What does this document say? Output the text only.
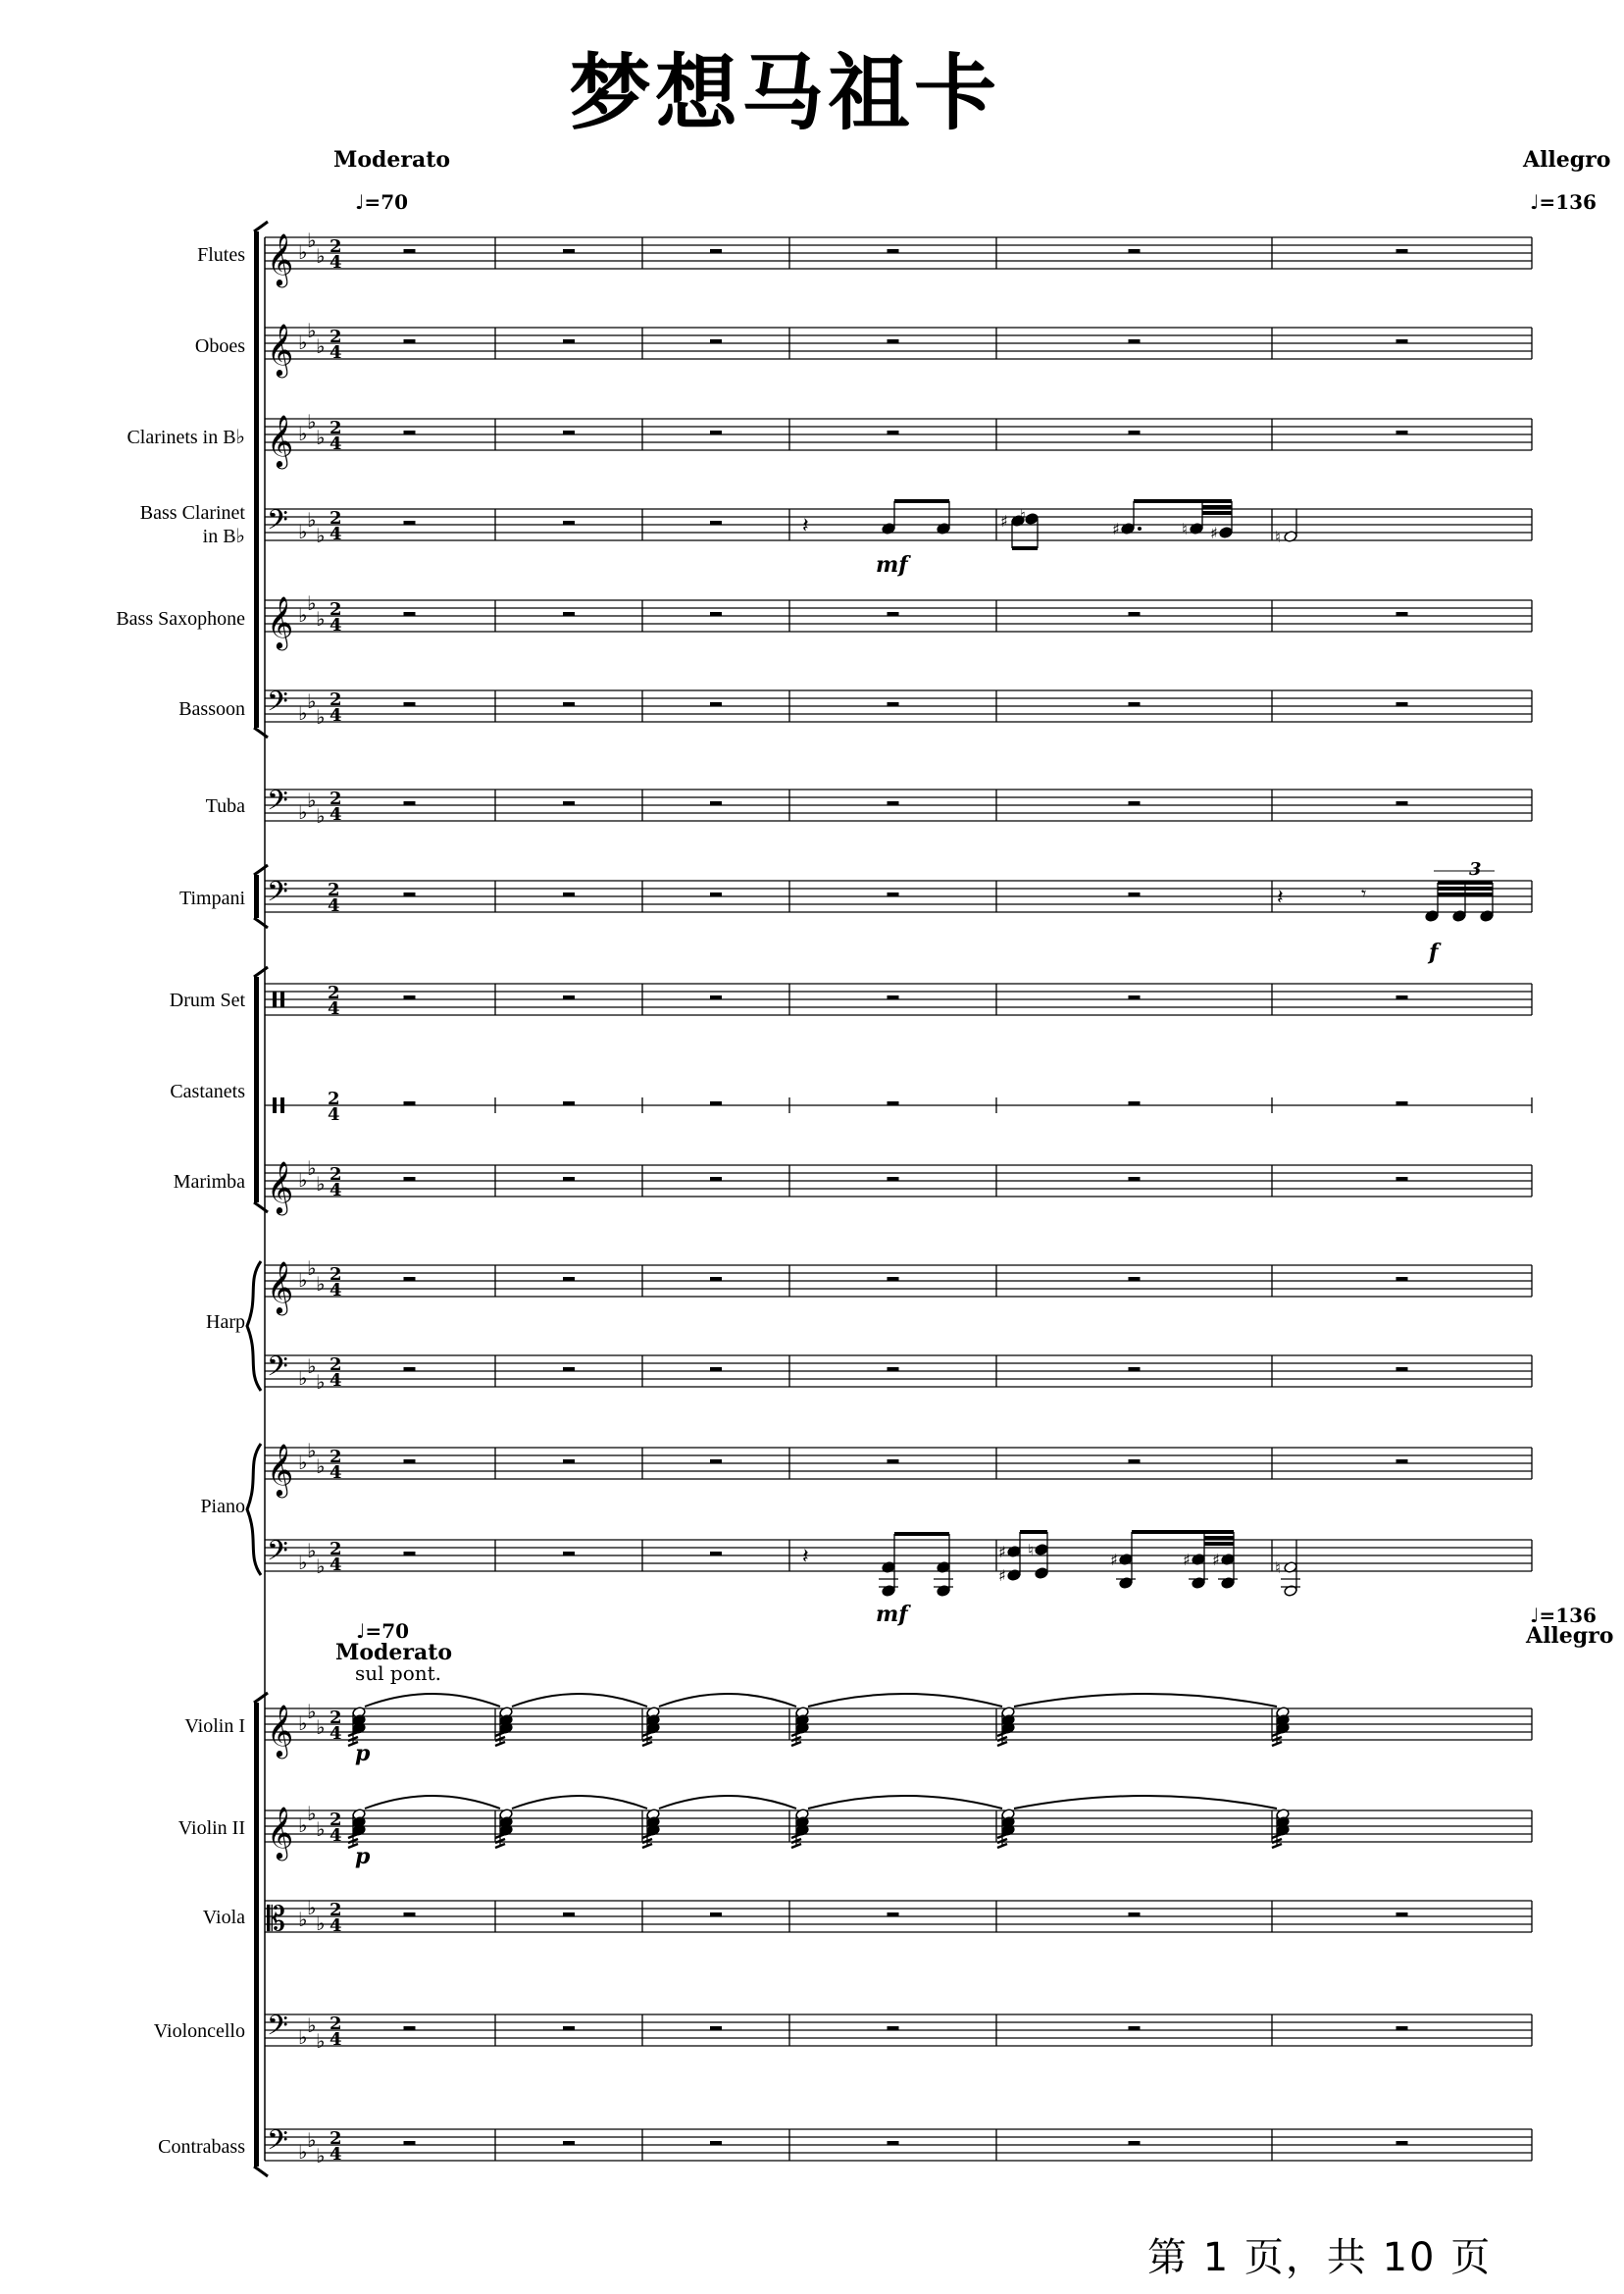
梦想马祖卡
Moderato
♩=70
Allegro
♩=136
♩=70
Moderato
sul pont.
♩=136
Allegro
Flutes
Oboes
Clarinets in B♭
Bass Clarinet
in B♭
Bass Saxophone
Bassoon
Tuba
Timpani
Drum Set
Castanets
Marimba
Harp
Piano
Violin I
Violin II
Viola
Violoncello
Contrabass
mf
f
mf
p
p
3
𝄞 ♭ ♭
♭ 2
4
𝄞 ♭ ♭
♭ 2
4
𝄞 ♭ ♭
♭ 2
4
𝄢 ♭ ♭
♭
2
4
𝄞 ♭ ♭
♭ 2
4
𝄢 ♭ ♭
♭
2
4
𝄢 ♭ ♭
♭
2
4
𝄢 2
4
2
4
2
4
𝄞 ♭ ♭
♭ 2
4
𝄞 ♭ ♭
♭ 2
4
𝄢 ♭ ♭
♭
2
4
𝄞 ♭ ♭
♭ 2
4
𝄢 ♭ ♭
♭
2
4
𝄞 ♭ ♭
♭ 2
4
𝄞 ♭ ♭
♭ 2
4
𝄡 ♭ ♭
♭
2
4
𝄢 ♭ ♭
♭
2
4
𝄢 ♭ ♭
♭
2
4
𝄽	♯ ♮
♯	♮ ♯	♮
𝄽	𝄾
𝄽	♯
♯
♮
♯	♯ ♯	♮
第 1 页，共 10 页
